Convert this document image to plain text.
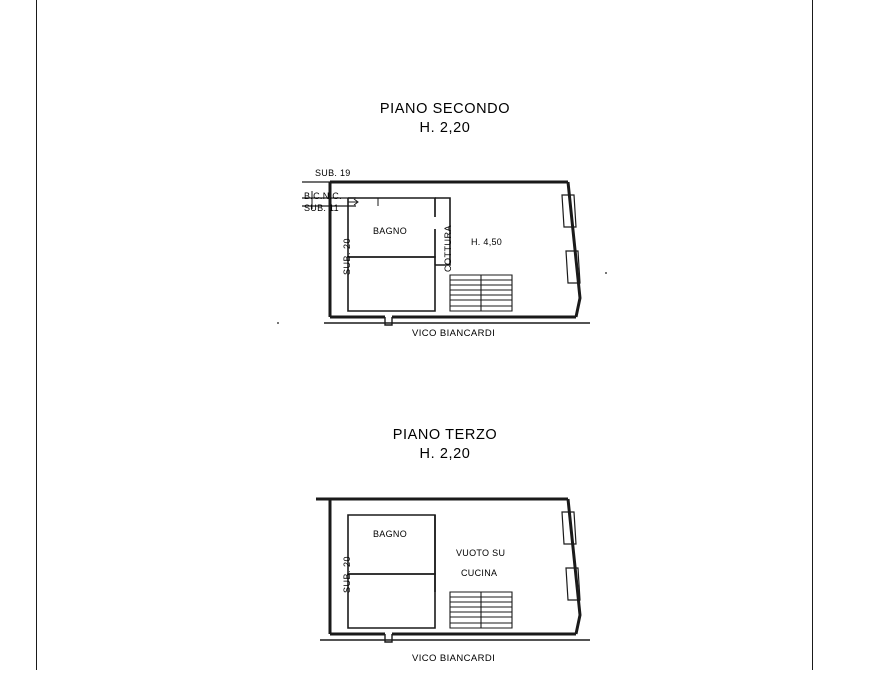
PIANO SECONDO
H. 2,20
SUB. 19
B.C.N.C.
SUB. 11
SUB. 20
BAGNO	COTTURA H. 4,50
VICO BIANCARDI
PIANO TERZO
H. 2,20
SUB. 20
BAGNO
VUOTO SU
CUCINA
VICO BIANCARDI
